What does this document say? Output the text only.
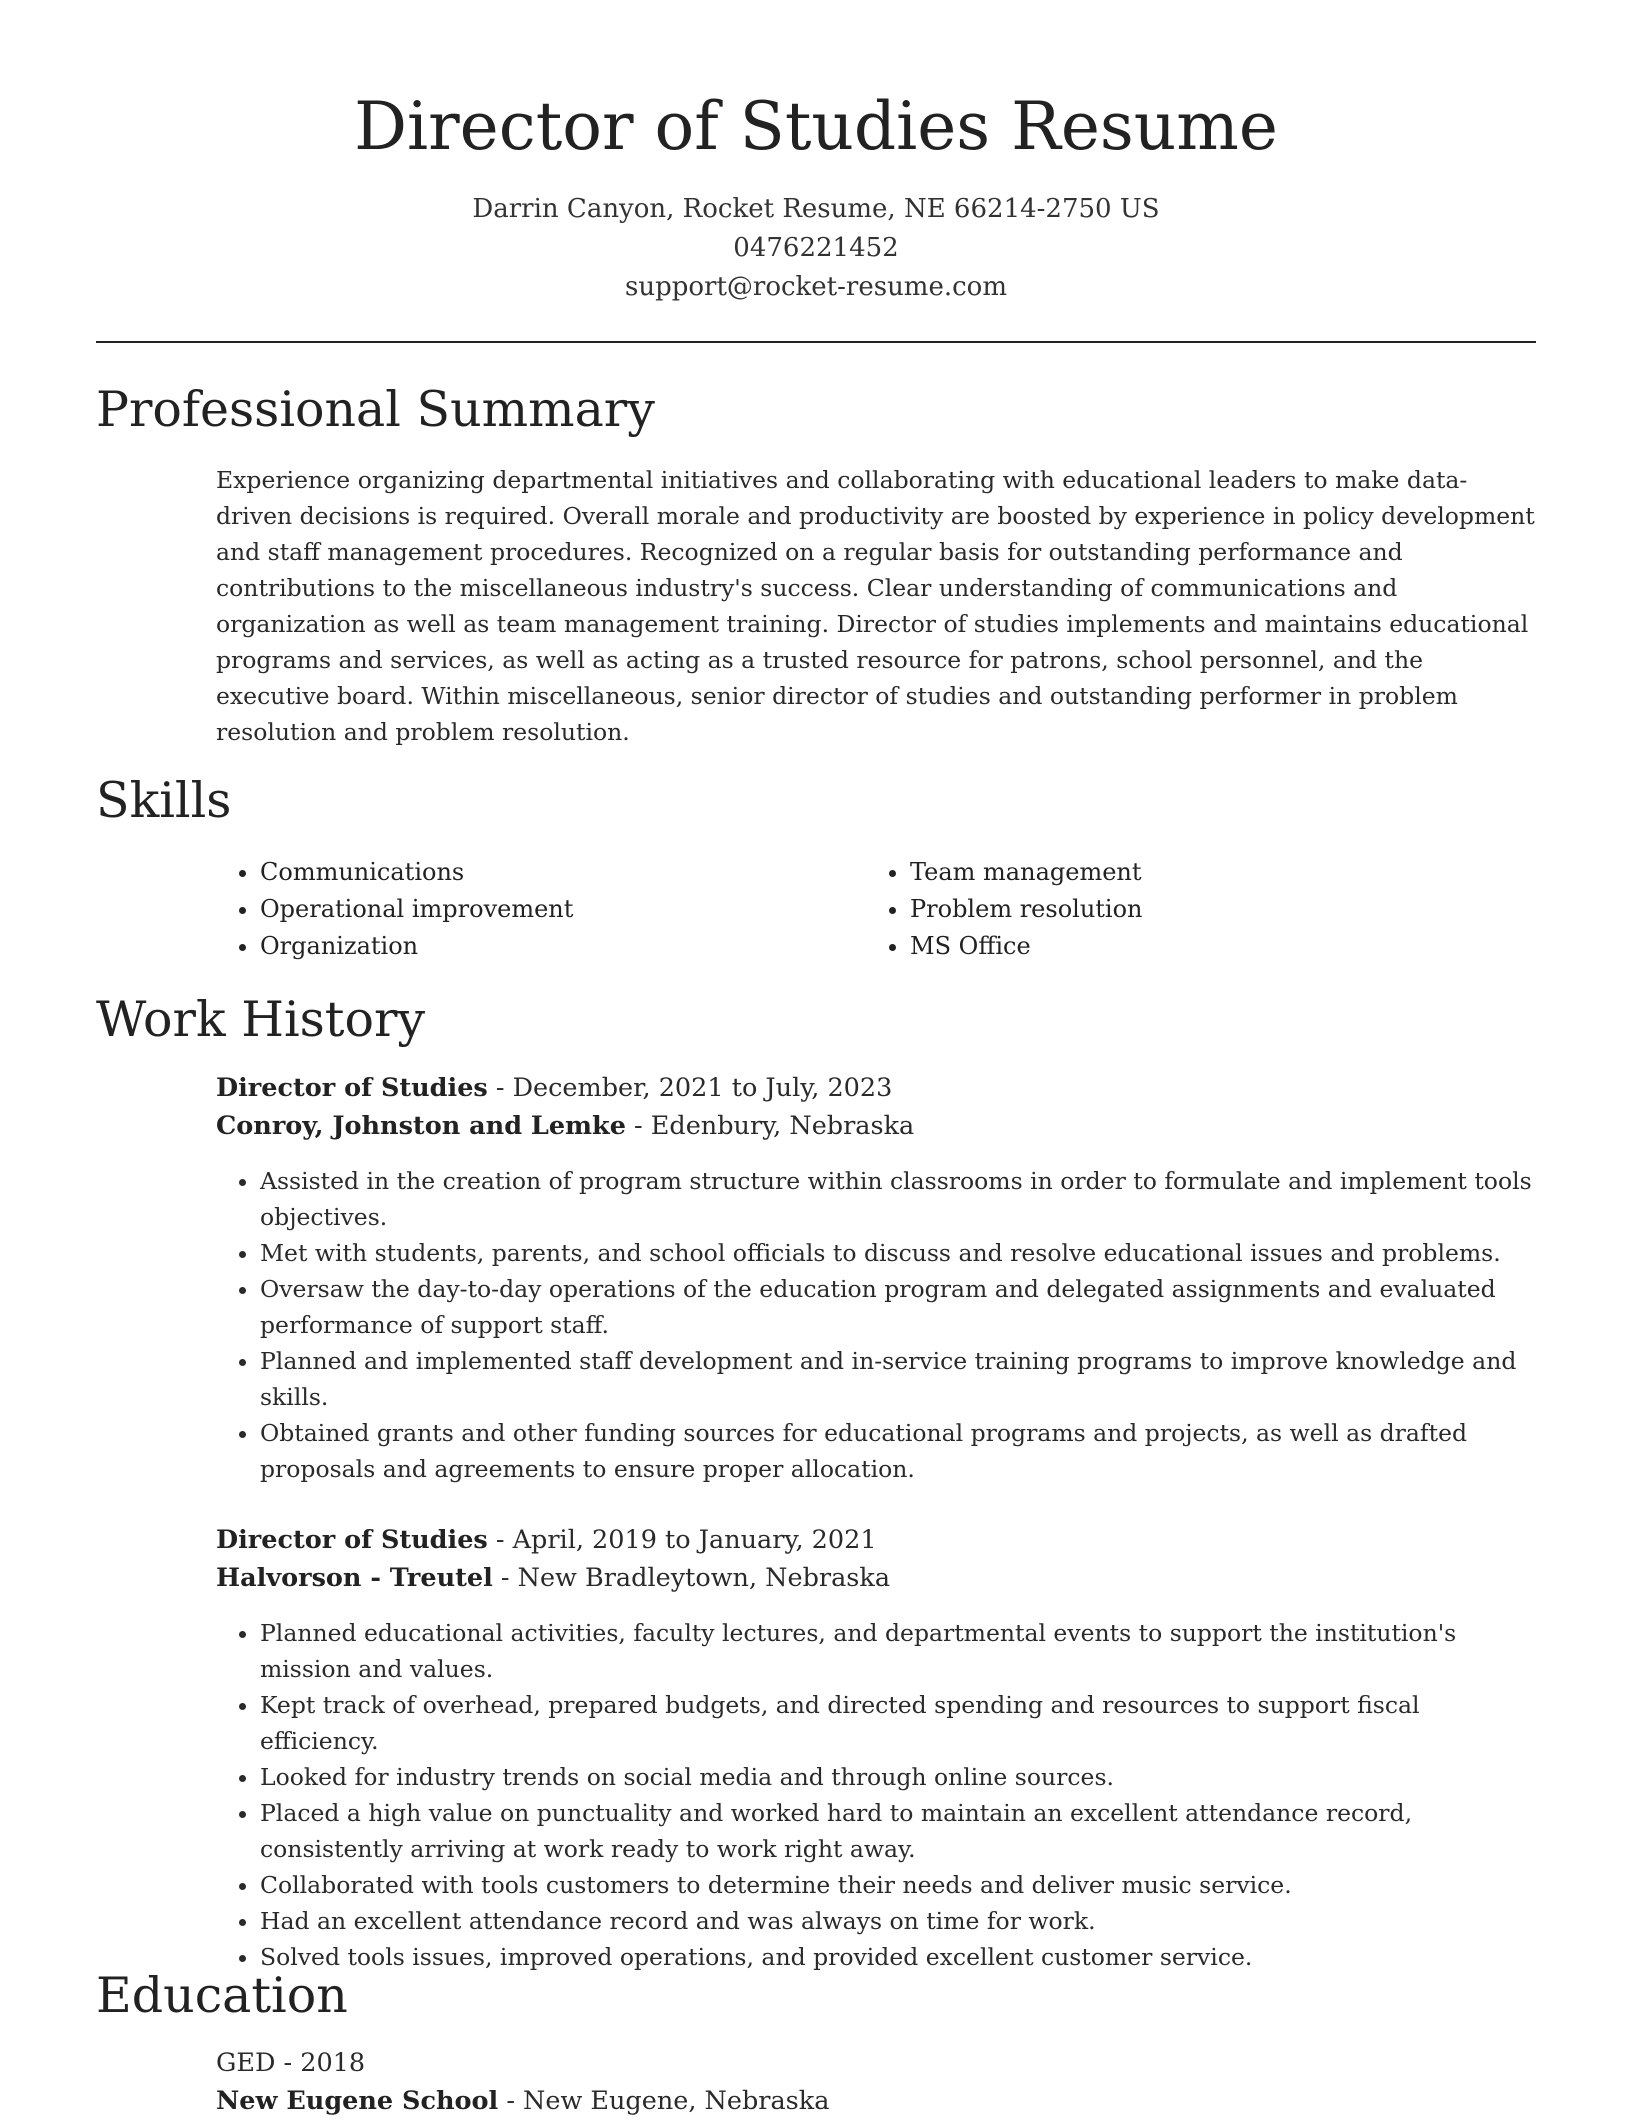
Director of Studies Resume
Darrin Canyon, Rocket Resume, NE 66214-2750 US
0476221452
support@rocket-resume.com
Professional Summary

Experience organizing departmental initiatives and collaborating with educational leaders to make data-driven decisions is required. Overall morale and productivity are boosted by experience in policy development and staff management procedures. Recognized on a regular basis for outstanding performance and contributions to the miscellaneous industry's success. Clear understanding of communications and organization as well as team management training. Director of studies implements and maintains educational programs and services, as well as acting as a trusted resource for patrons, school personnel, and the executive board. Within miscellaneous, senior director of studies and outstanding performer in problem resolution and problem resolution.

Skills
• Communications
• Operational improvement
• Organization
• Team management
• Problem resolution
• MS Office
Work History
Director of Studies - December, 2021 to July, 2023
Conroy, Johnston and Lemke - Edenbury, Nebraska
• Assisted in the creation of program structure within classrooms in order to formulate and implement tools objectives.
• Met with students, parents, and school officials to discuss and resolve educational issues and problems.
• Oversaw the day-to-day operations of the education program and delegated assignments and evaluated performance of support staff.
• Planned and implemented staff development and in-service training programs to improve knowledge and skills.
• Obtained grants and other funding sources for educational programs and projects, as well as drafted proposals and agreements to ensure proper allocation.
Director of Studies - April, 2019 to January, 2021
Halvorson - Treutel - New Bradleytown, Nebraska
• Planned educational activities, faculty lectures, and departmental events to support the institution's mission and values.
• Kept track of overhead, prepared budgets, and directed spending and resources to support fiscal efficiency.
• Looked for industry trends on social media and through online sources.
• Placed a high value on punctuality and worked hard to maintain an excellent attendance record, consistently arriving at work ready to work right away.
• Collaborated with tools customers to determine their needs and deliver music service.
• Had an excellent attendance record and was always on time for work.
• Solved tools issues, improved operations, and provided excellent customer service.
Education
GED - 2018
New Eugene School - New Eugene, Nebraska
